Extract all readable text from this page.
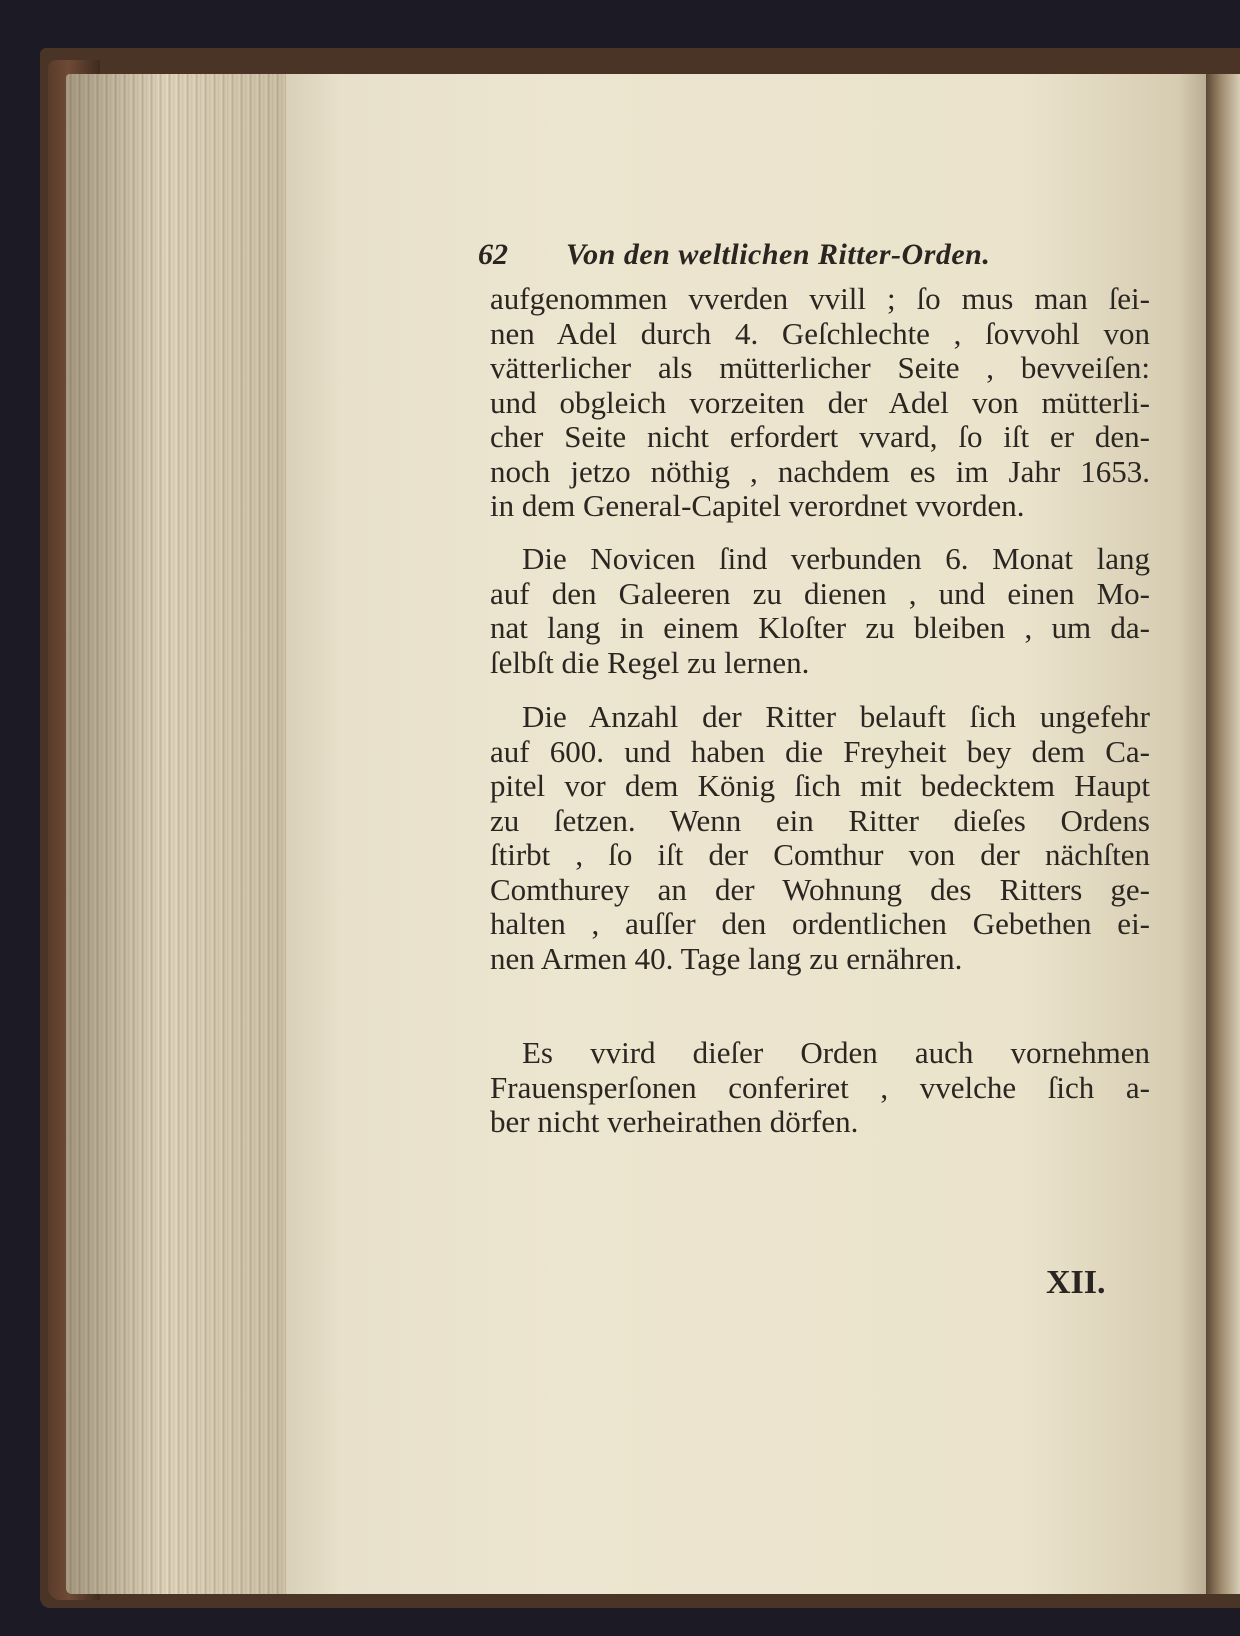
62 Von den weltlichen Ritter-Orden.
aufgenommen vverden vvill ; ſo mus man ſei-
nen Adel durch 4. Geſchlechte , ſovvohl von
vätterlicher als mütterlicher Seite , bevveiſen:
und obgleich vorzeiten der Adel von mütterli-
cher Seite nicht erfordert vvard, ſo iſt er den-
noch jetzo nöthig , nachdem es im Jahr 1653.
in dem General-Capitel verordnet vvorden.
Die Novicen ſind verbunden 6. Monat lang
auf den Galeeren zu dienen , und einen Mo-
nat lang in einem Kloſter zu bleiben , um da-
ſelbſt die Regel zu lernen.
Die Anzahl der Ritter belauft ſich ungefehr
auf 600. und haben die Freyheit bey dem Ca-
pitel vor dem König ſich mit bedecktem Haupt
zu ſetzen. Wenn ein Ritter dieſes Ordens
ſtirbt , ſo iſt der Comthur von der nächſten
Comthurey an der Wohnung des Ritters ge-
halten , auſſer den ordentlichen Gebethen ei-
nen Armen 40. Tage lang zu ernähren.
Es vvird dieſer Orden auch vornehmen
Frauensperſonen conferiret , vvelche ſich a-
ber nicht verheirathen dörfen.
XII.
